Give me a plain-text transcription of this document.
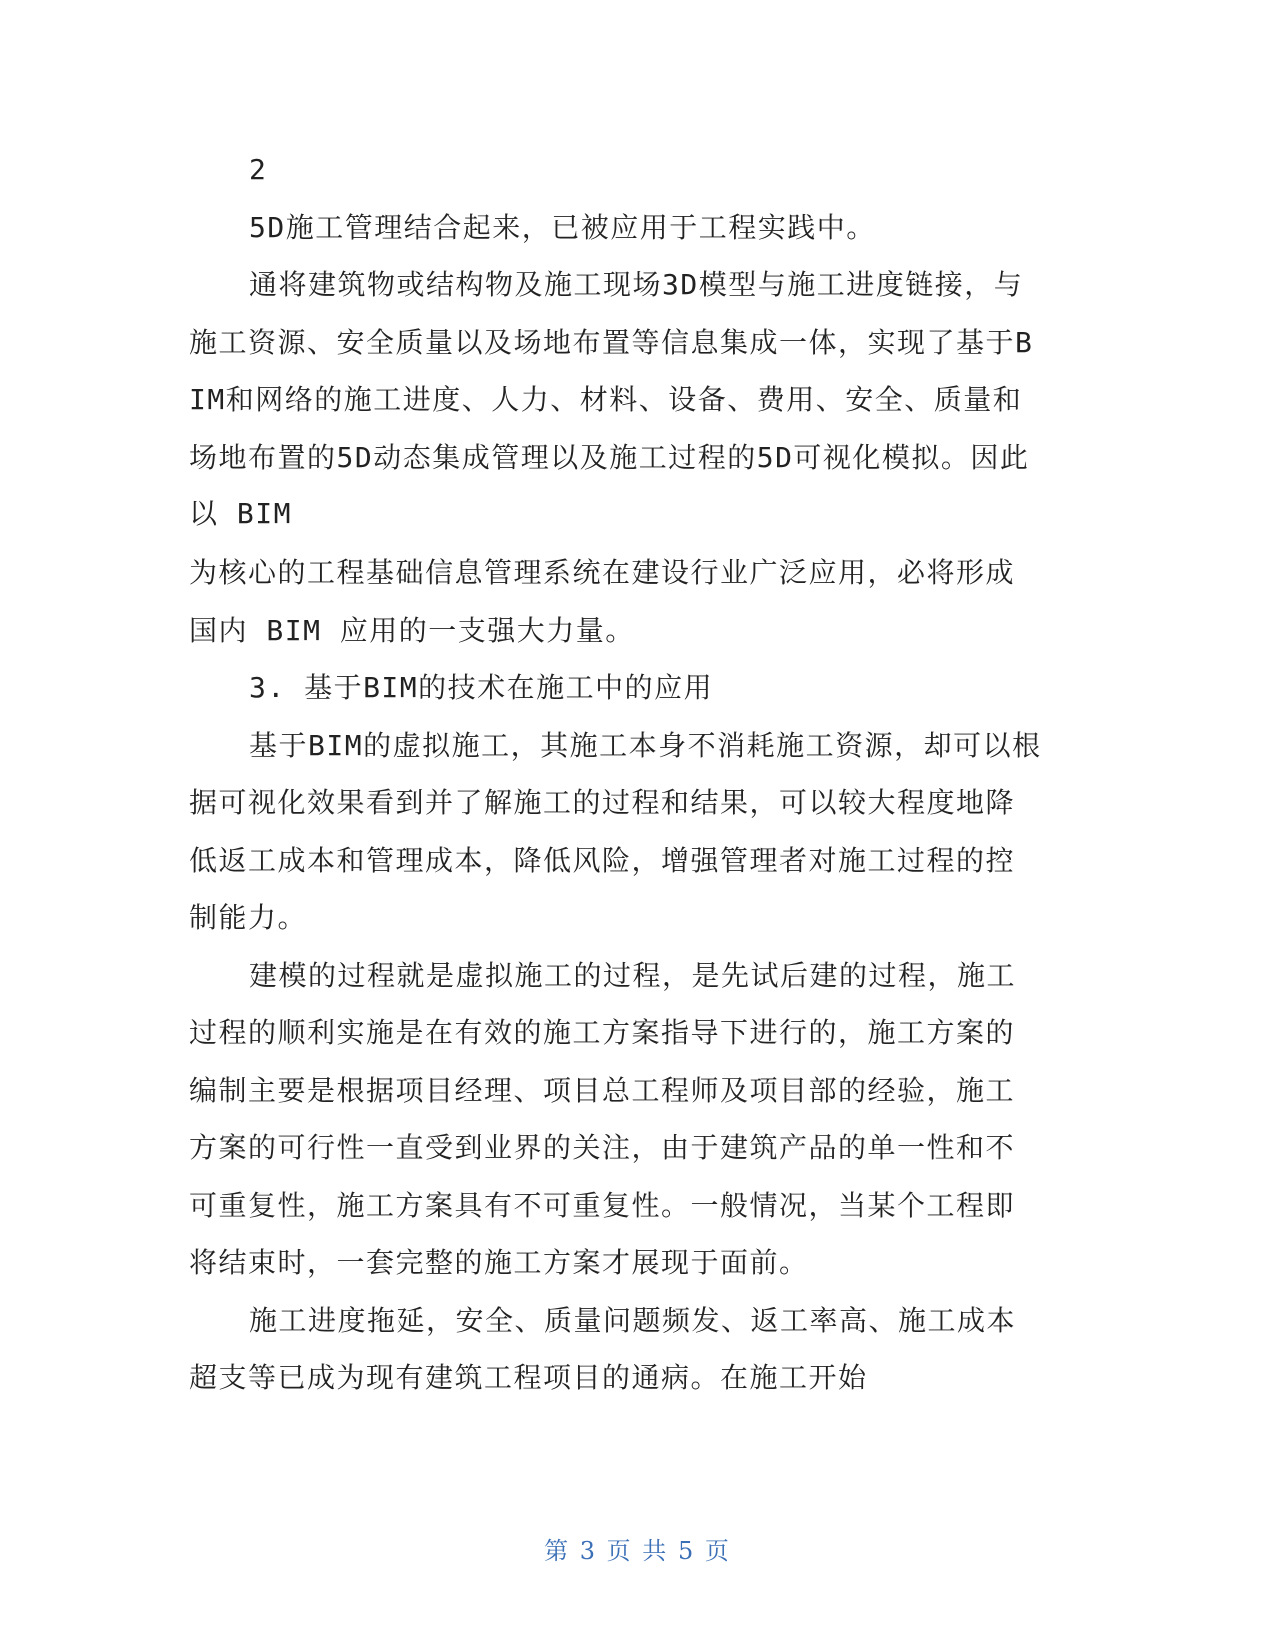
2
5D施工管理结合起来，已被应用于工程实践中。
通将建筑物或结构物及施工现场3D模型与施工进度链接，与
施工资源、安全质量以及场地布置等信息集成一体，实现了基于B
IM和网络的施工进度、人力、材料、设备、费用、安全、质量和
场地布置的5D动态集成管理以及施工过程的5D可视化模拟。因此
以 BIM
为核心的工程基础信息管理系统在建设行业广泛应用，必将形成
国内 BIM 应用的一支强大力量。
3. 基于BIM的技术在施工中的应用
基于BIM的虚拟施工，其施工本身不消耗施工资源，却可以根
据可视化效果看到并了解施工的过程和结果，可以较大程度地降
低返工成本和管理成本，降低风险，增强管理者对施工过程的控
制能力。
建模的过程就是虚拟施工的过程，是先试后建的过程，施工
过程的顺利实施是在有效的施工方案指导下进行的，施工方案的
编制主要是根据项目经理、项目总工程师及项目部的经验，施工
方案的可行性一直受到业界的关注，由于建筑产品的单一性和不
可重复性，施工方案具有不可重复性。一般情况，当某个工程即
将结束时，一套完整的施工方案才展现于面前。
施工进度拖延，安全、质量问题频发、返工率高、施工成本
超支等已成为现有建筑工程项目的通病。在施工开始
第 3 页 共 5 页
